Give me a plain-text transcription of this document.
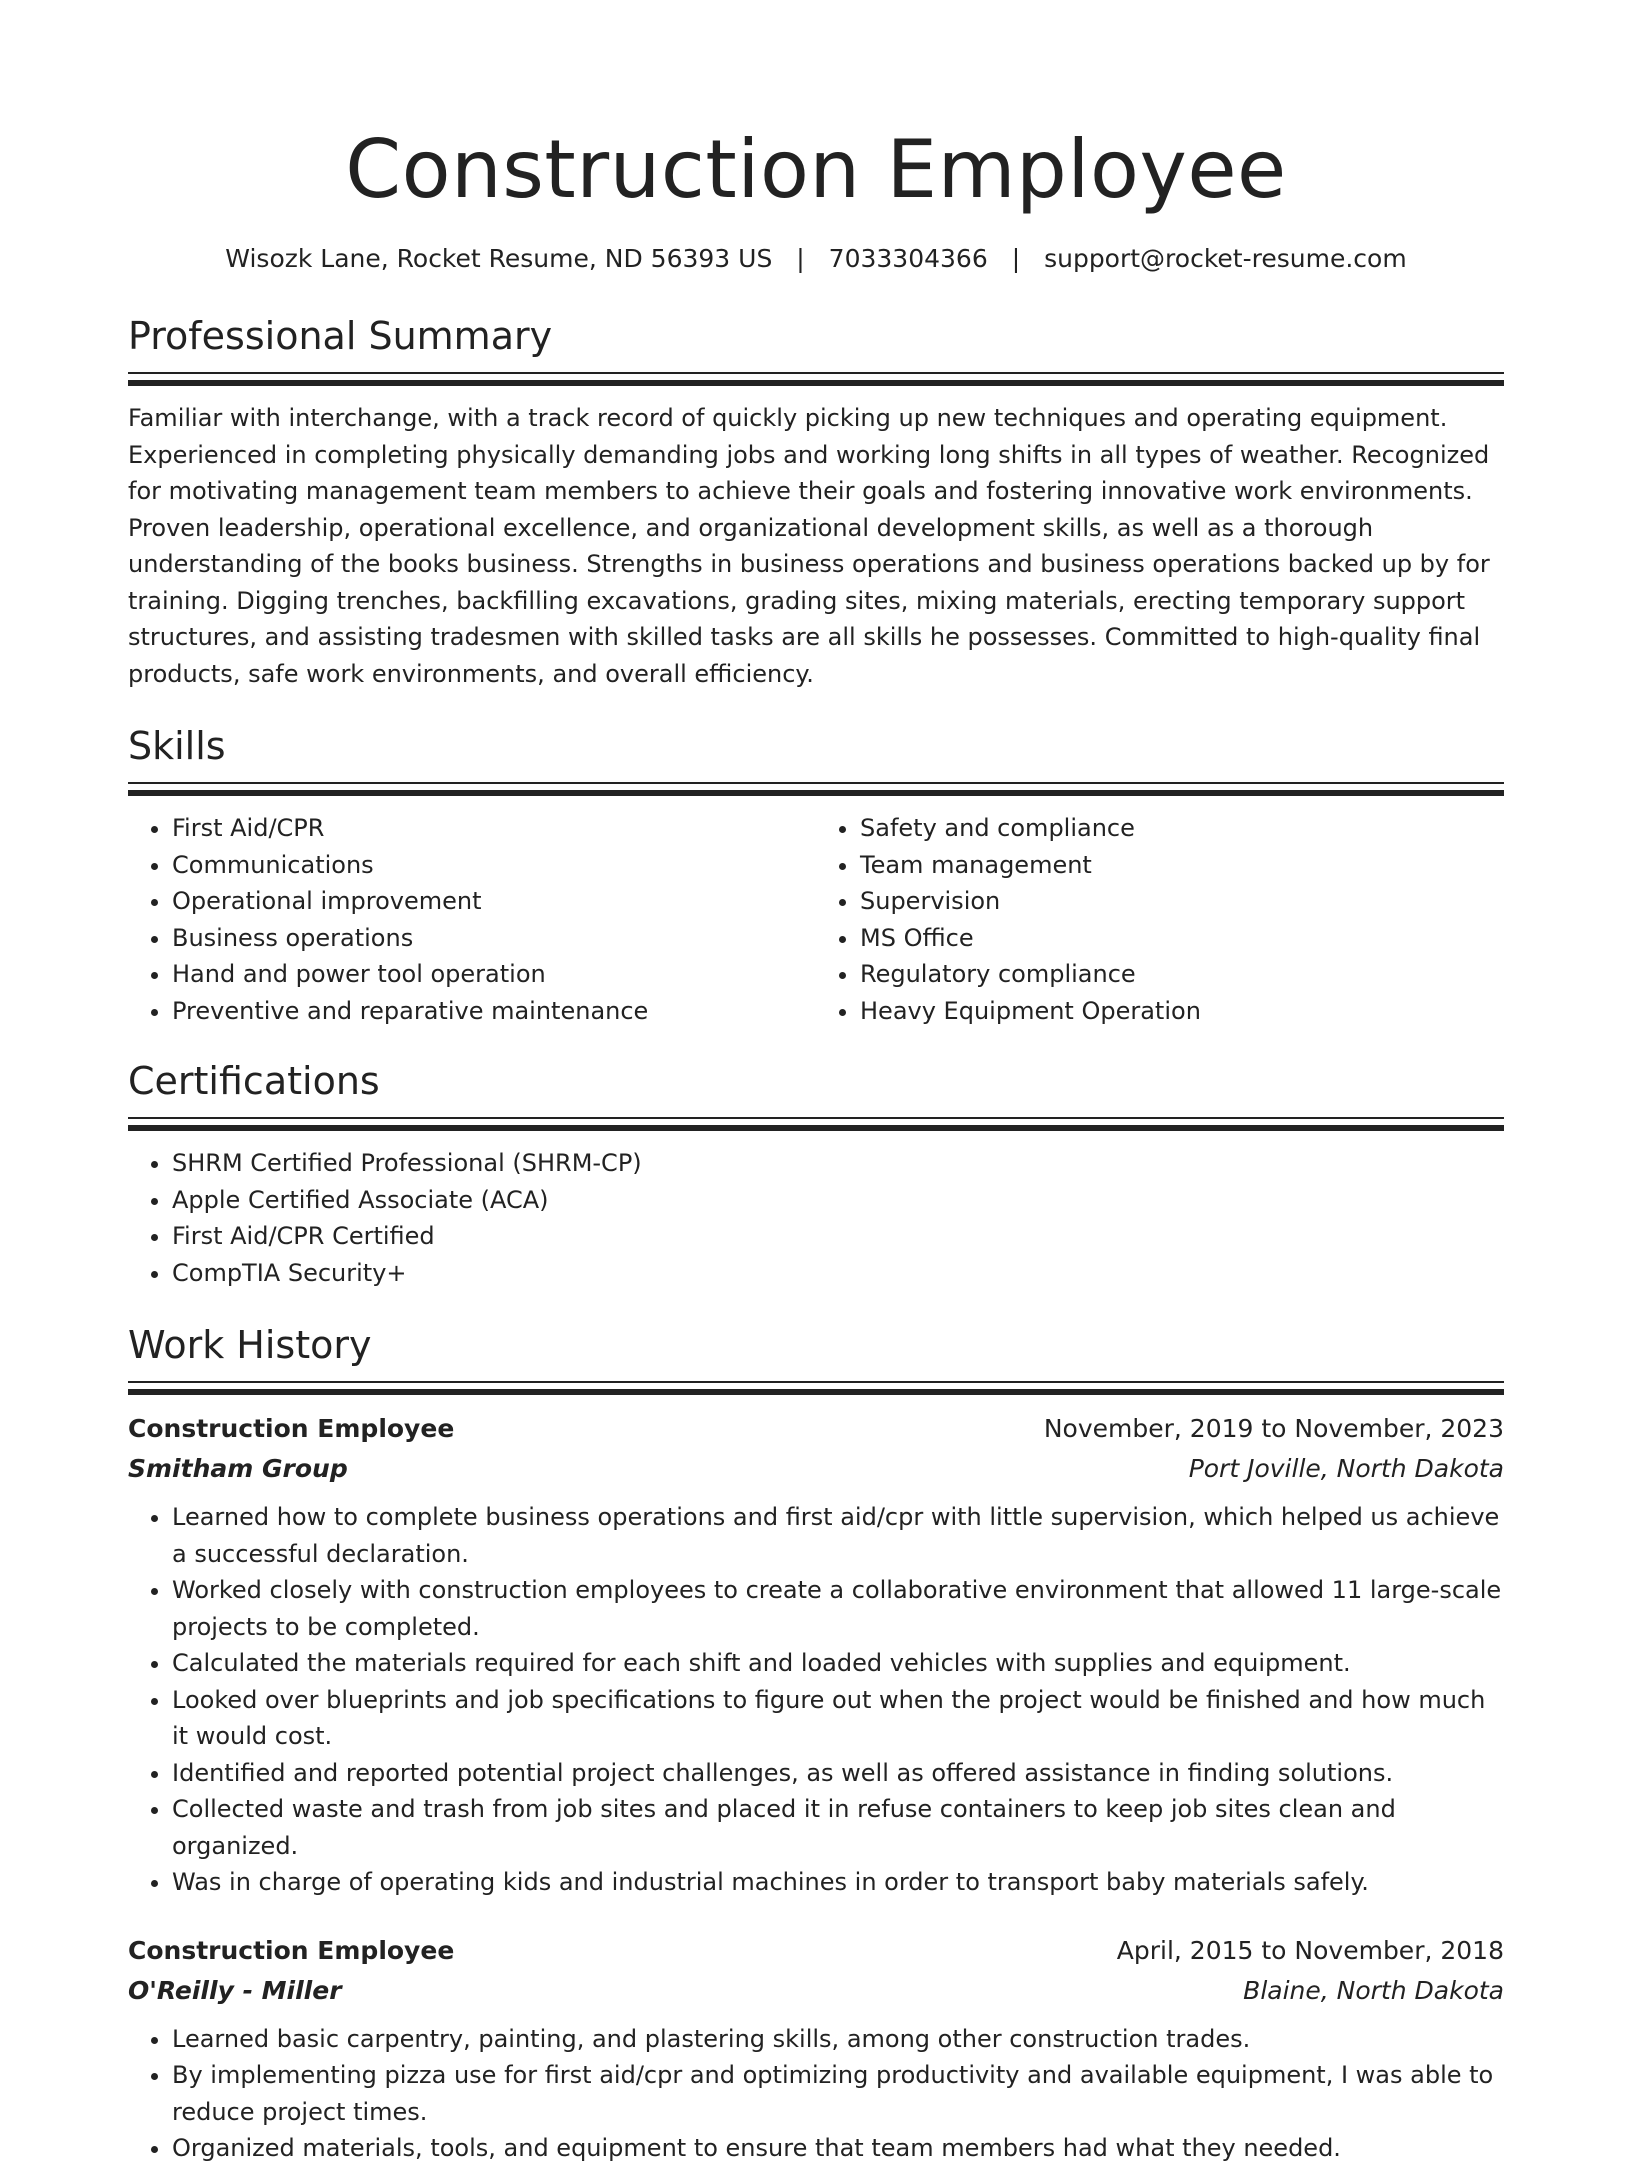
Construction Employee
Wisozk Lane, Rocket Resume, ND 56393 US | 7033304366 | support@rocket-resume.com
Professional Summary

Familiar with interchange, with a track record of quickly picking up new techniques and operating equipment. Experienced in completing physically demanding jobs and working long shifts in all types of weather. Recognized for motivating management team members to achieve their goals and fostering innovative work environments. Proven leadership, operational excellence, and organizational development skills, as well as a thorough understanding of the books business. Strengths in business operations and business operations backed up by for training. Digging trenches, backfilling excavations, grading sites, mixing materials, erecting temporary support structures, and assisting tradesmen with skilled tasks are all skills he possesses. Committed to high-quality final products, safe work environments, and overall efficiency.

Skills
• First Aid/CPR
• Communications
• Operational improvement
• Business operations
• Hand and power tool operation
• Preventive and reparative maintenance
• Safety and compliance
• Team management
• Supervision
• MS Office
• Regulatory compliance
• Heavy Equipment Operation
Certifications
• SHRM Certified Professional (SHRM-CP)
• Apple Certified Associate (ACA)
• First Aid/CPR Certified
• CompTIA Security+
Work History
Construction Employee	November, 2019 to November, 2023
Smitham Group	Port Joville, North Dakota
• Learned how to complete business operations and first aid/cpr with little supervision, which helped us achieve a successful declaration.
• Worked closely with construction employees to create a collaborative environment that allowed 11 large-scale projects to be completed.
• Calculated the materials required for each shift and loaded vehicles with supplies and equipment.
• Looked over blueprints and job specifications to figure out when the project would be finished and how much it would cost.
• Identified and reported potential project challenges, as well as offered assistance in finding solutions.
• Collected waste and trash from job sites and placed it in refuse containers to keep job sites clean and organized.
• Was in charge of operating kids and industrial machines in order to transport baby materials safely.
Construction Employee	April, 2015 to November, 2018
O'Reilly - Miller	Blaine, North Dakota
• Learned basic carpentry, painting, and plastering skills, among other construction trades.
• By implementing pizza use for first aid/cpr and optimizing productivity and available equipment, I was able to reduce project times.
• Organized materials, tools, and equipment to ensure that team members had what they needed.
